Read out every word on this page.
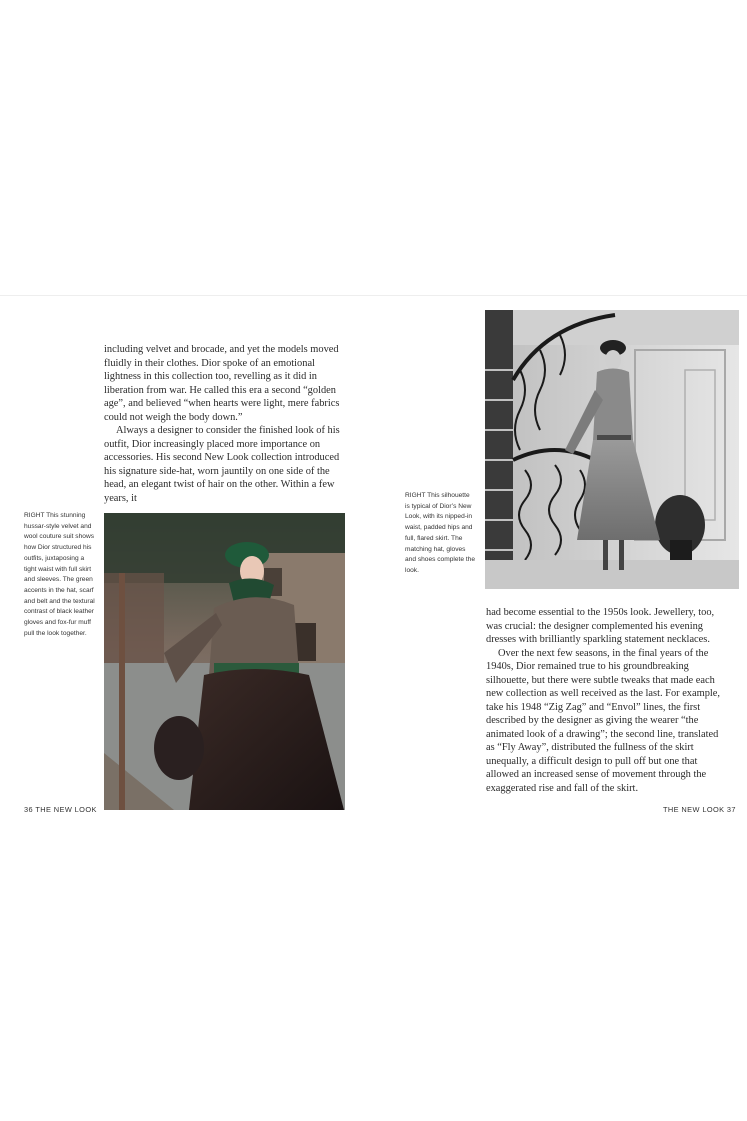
including velvet and brocade, and yet the models moved fluidly in their clothes. Dior spoke of an emotional lightness in this collection too, revelling as it did in liberation from war. He called this era a second “golden age”, and believed “when hearts were light, mere fabrics could not weigh the body down.”

Always a designer to consider the finished look of his outfit, Dior increasingly placed more importance on accessories. His second New Look collection introduced his signature side-hat, worn jauntily on one side of the head, an elegant twist of hair on the other. Within a few years, it

RIGHT This stunning hussar-style velvet and wool couture suit shows how Dior structured his outfits, juxtaposing a tight waist with full skirt and sleeves. The green accents in the hat, scarf and belt and the textural contrast of black leather gloves and fox-fur muff pull the look together.
36 THE NEW LOOK
RIGHT This silhouette is typical of Dior’s New Look, with its nipped-in waist, padded hips and full, flared skirt. The matching hat, gloves and shoes complete the look.

had become essential to the 1950s look. Jewellery, too, was crucial: the designer complemented his evening dresses with brilliantly sparkling statement necklaces.

Over the next few seasons, in the final years of the 1940s, Dior remained true to his groundbreaking silhouette, but there were subtle tweaks that made each new collection as well received as the last. For example, take his 1948 “Zig Zag” and “Envol” lines, the first described by the designer as giving the wearer “the animated look of a drawing”; the second line, translated as “Fly Away”, distributed the fullness of the skirt unequally, a difficult design to pull off but one that allowed an increased sense of movement through the exaggerated rise and fall of the skirt.

THE NEW LOOK 37
